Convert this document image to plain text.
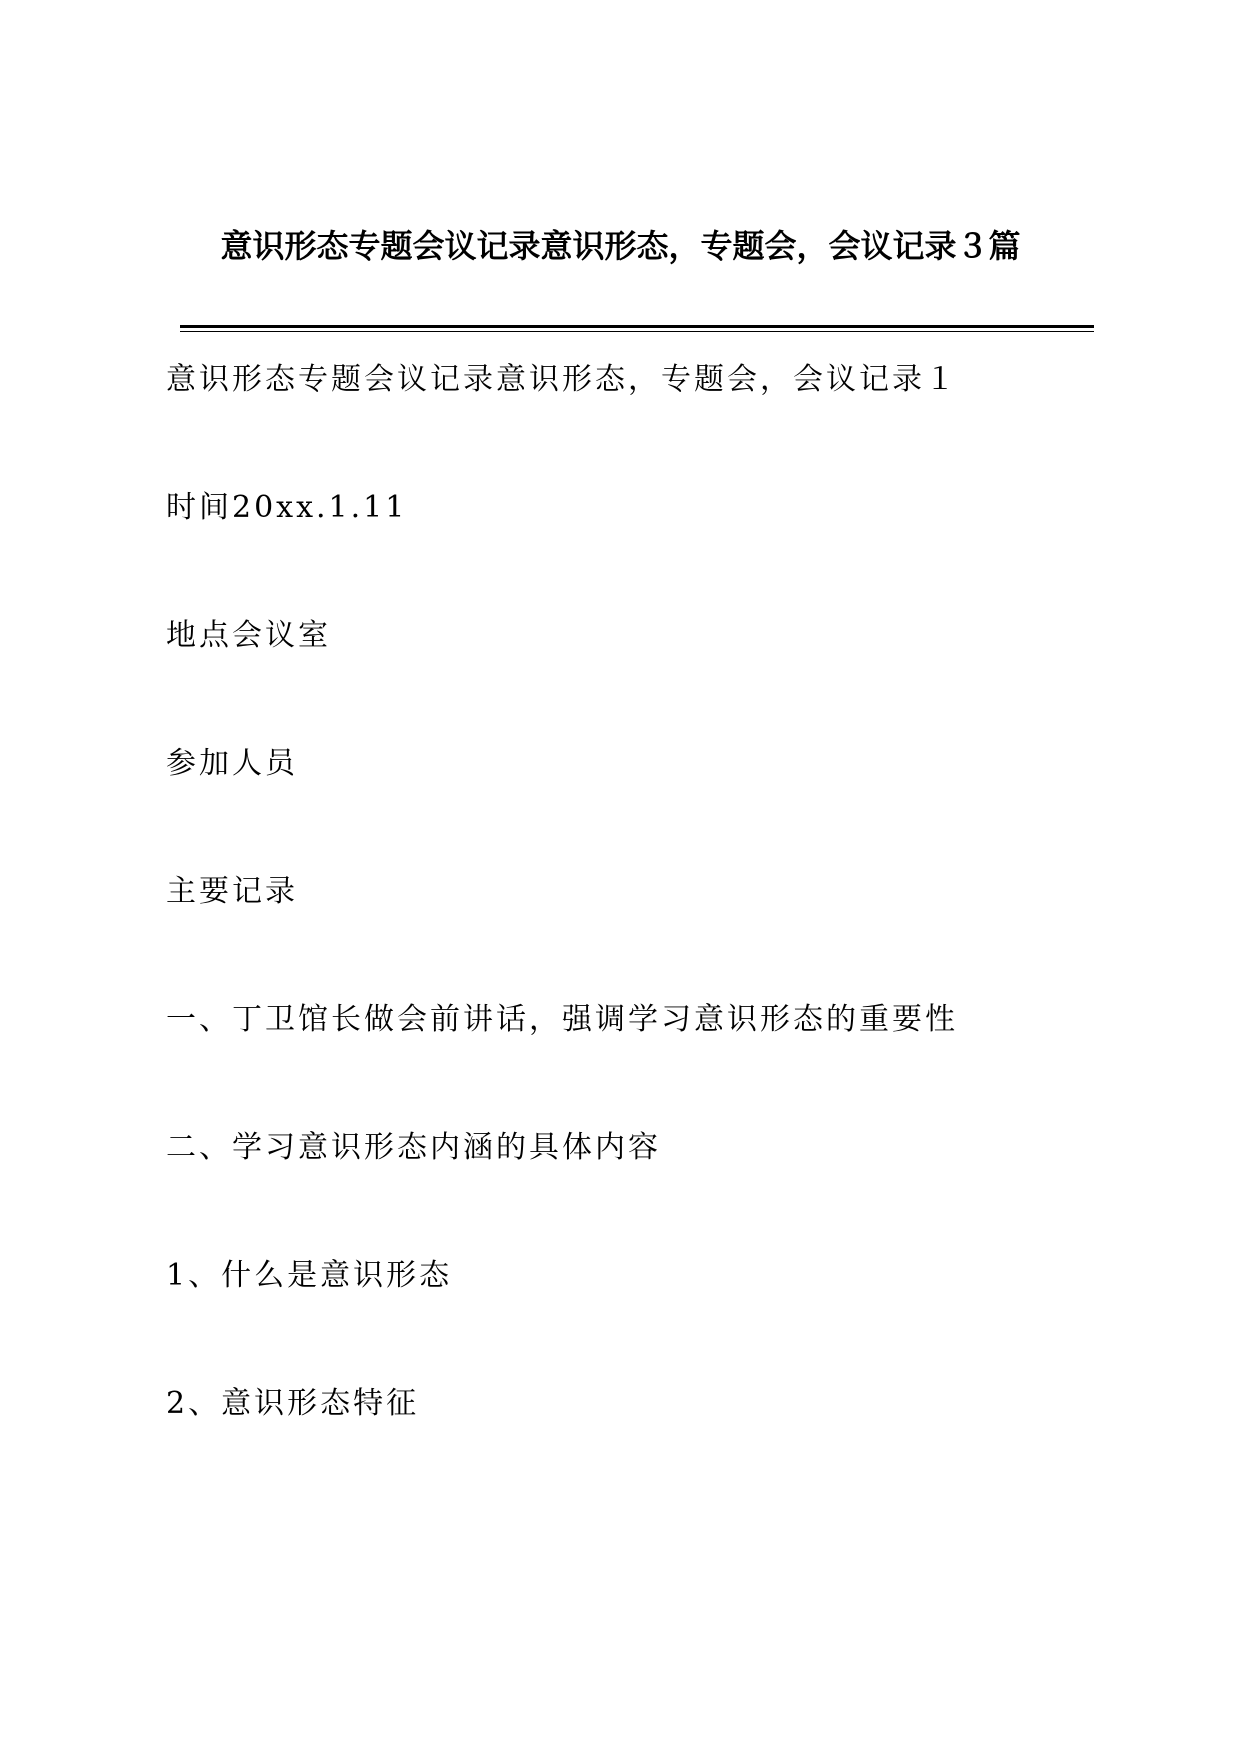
意识形态专题会议记录意识形态，专题会，会议记录３篇
意识形态专题会议记录意识形态，专题会，会议记录１
时间20xx.1.11
地点会议室
参加人员
主要记录
一、丁卫馆长做会前讲话，强调学习意识形态的重要性
二、学习意识形态内涵的具体内容
1、什么是意识形态
2、意识形态特征
